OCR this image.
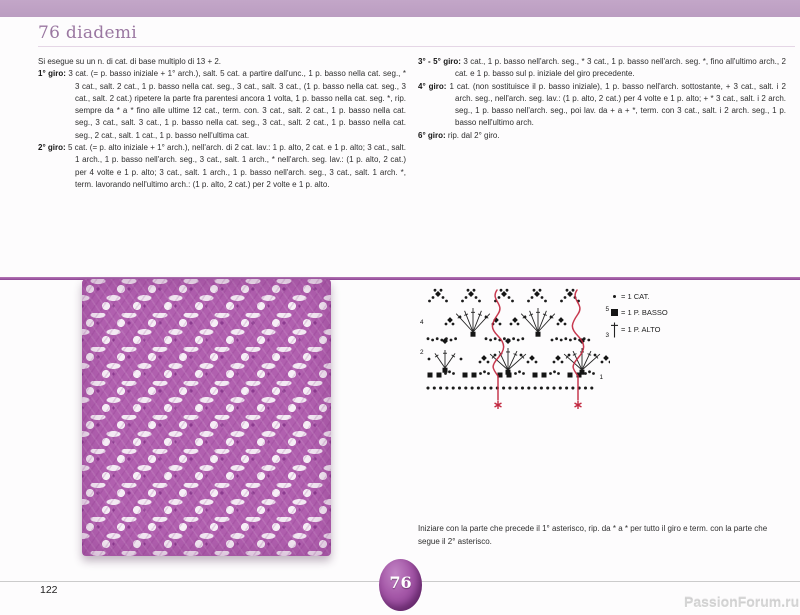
76 diademi

Si esegue su un n. di cat. di base multiplo di 13 + 2.

1° giro: 3 cat. (= p. basso iniziale + 1° arch.), salt. 5 cat. a partire dall'unc., 1 p. basso nella cat. seg., * 3 cat., salt. 2 cat., 1 p. basso nella cat. seg., 3 cat., salt. 3 cat., (1 p. basso nella cat. seg., 3 cat., salt. 2 cat.) ripetere la parte fra parentesi ancora 1 volta, 1 p. basso nella cat. seg. *, rip. sempre da * a * fino alle ultime 12 cat., term. con. 3 cat., salt. 2 cat., 1 p. basso nella cat. seg., 3 cat., salt. 3 cat., 1 p. basso nella cat. seg., 3 cat., salt. 2 cat., 1 p. basso nella cat. seg., 2 cat., salt. 1 cat., 1 p. basso nell'ultima cat.

2° giro: 5 cat. (= p. alto iniziale + 1° arch.), nell'arch. di 2 cat. lav.: 1 p. alto, 2 cat. e 1 p. alto; 3 cat., salt. 1 arch., 1 p. basso nell'arch. seg., 3 cat., salt. 1 arch., * nell'arch. seg. lav.: (1 p. alto, 2 cat.) per 4 volte e 1 p. alto; 3 cat., salt. 1 arch., 1 p. basso nell'arch. seg., 3 cat., salt. 1 arch. *, term. lavorando nell'ultimo arch.: (1 p. alto, 2 cat.) per 2 volte e 1 p. alto.

3° - 5° giro: 3 cat., 1 p. basso nell'arch. seg., * 3 cat., 1 p. basso nell'arch. seg. *, fino all'ultimo arch., 2 cat. e 1 p. basso sul p. iniziale del giro precedente.

4° giro: 1 cat. (non sostituisce il p. basso iniziale), 1 p. basso nell'arch. sottostante, + 3 cat., salt. i 2 arch. seg., nell'arch. seg. lav.: (1 p. alto, 2 cat.) per 4 volte e 1 p. alto; + * 3 cat., salt. i 2 arch. seg., 1 p. basso nell'arch. seg., poi lav. da + a + *, term. con 3 cat., salt. i 2 arch. seg., 1 p. basso nell'ultimo arch.

6° giro: rip. dal 2° giro.

4
2
5
3
1
= 1 CAT.
= 1 P. BASSO
= 1 P. ALTO
Iniziare con la parte che precede il 1° asterisco, rip. da * a * per tutto il giro e term. con la parte che segue il 2° asterisco.
122	76
PassionForum.ru
